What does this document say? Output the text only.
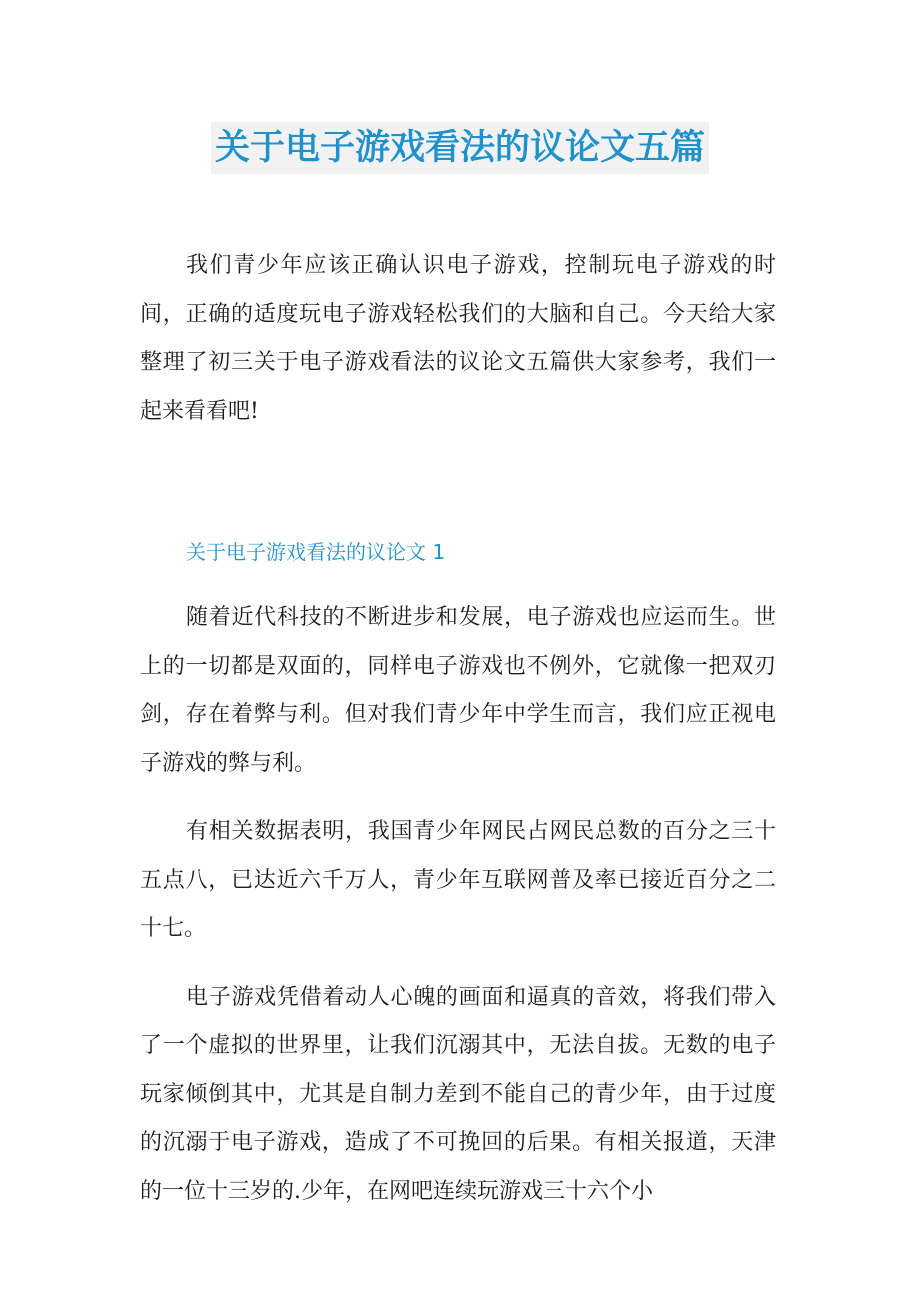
关于电子游戏看法的议论文五篇

我们青少年应该正确认识电子游戏，控制玩电子游戏的时间，正确的适度玩电子游戏轻松我们的大脑和自己。今天给大家整理了初三关于电子游戏看法的议论文五篇供大家参考，我们一起来看看吧!

关于电子游戏看法的议论文 1

随着近代科技的不断进步和发展，电子游戏也应运而生。世上的一切都是双面的，同样电子游戏也不例外，它就像一把双刃剑，存在着弊与利。但对我们青少年中学生而言，我们应正视电子游戏的弊与利。

有相关数据表明，我国青少年网民占网民总数的百分之三十五点八，已达近六千万人，青少年互联网普及率已接近百分之二十七。

电子游戏凭借着动人心魄的画面和逼真的音效，将我们带入了一个虚拟的世界里，让我们沉溺其中，无法自拔。无数的电子玩家倾倒其中，尤其是自制力差到不能自己的青少年，由于过度的沉溺于电子游戏，造成了不可挽回的后果。有相关报道，天津的一位十三岁的.少年，在网吧连续玩游戏三十六个小
